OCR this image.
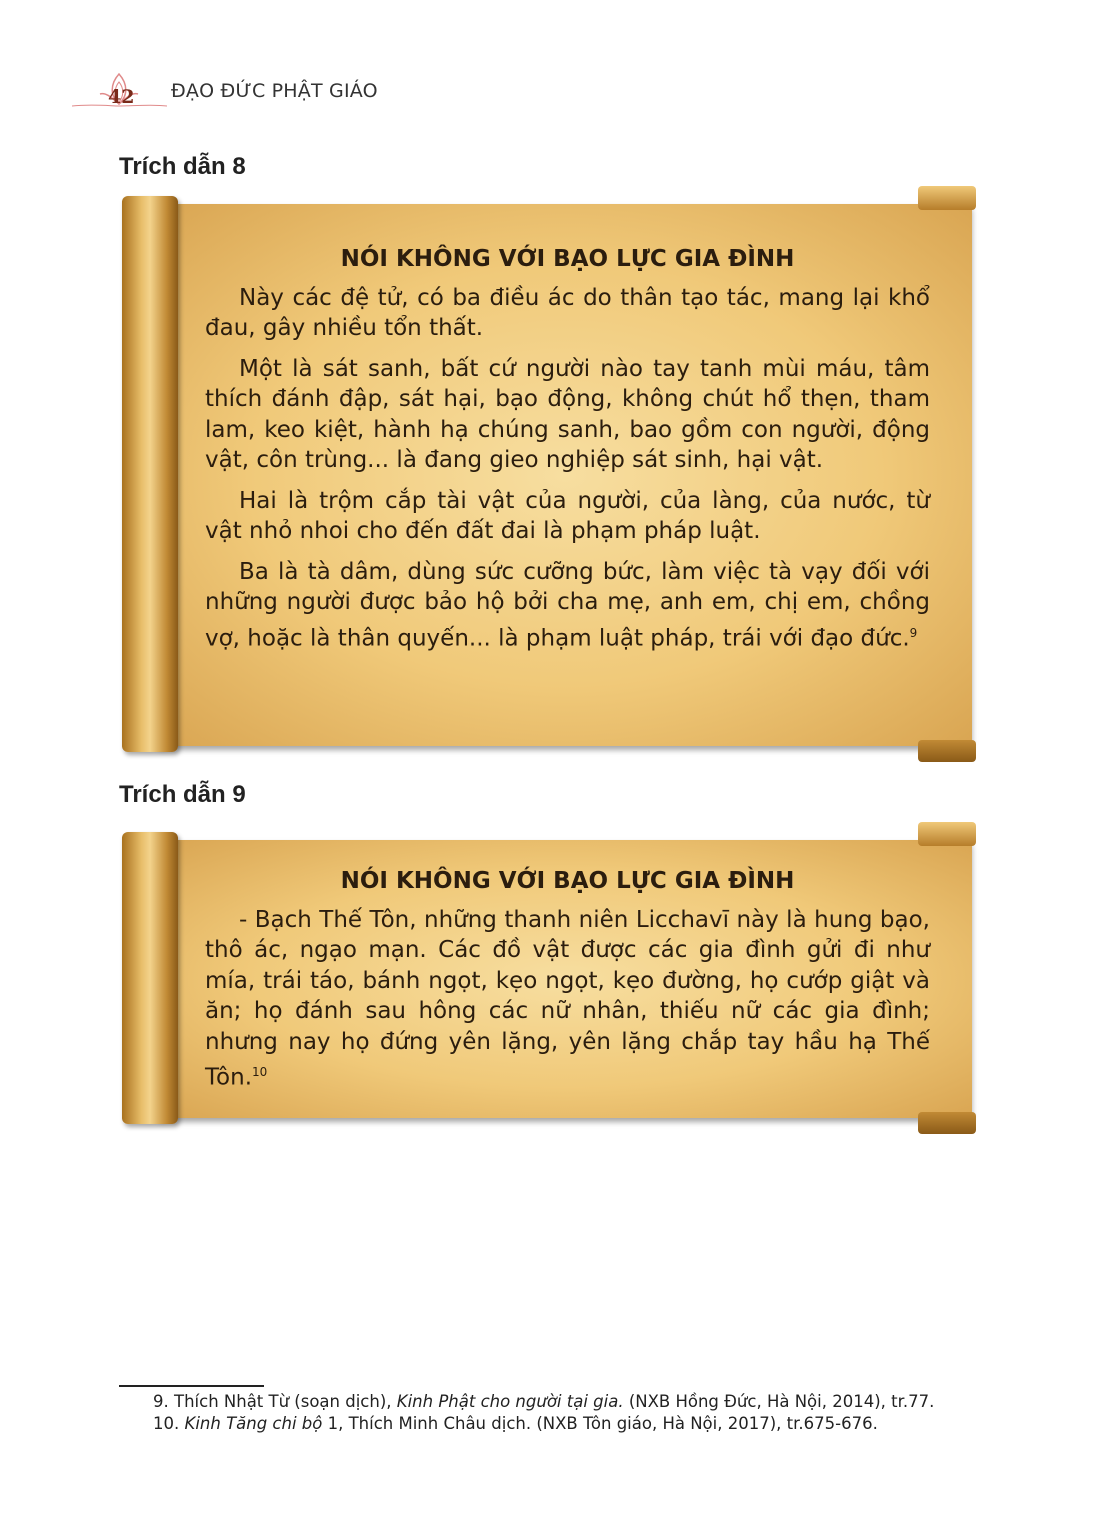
42 ĐẠO ĐỨC PHẬT GIÁO
Trích dẫn 8
NÓI KHÔNG VỚI BẠO LỰC GIA ĐÌNH

Này các đệ tử, có ba điều ác do thân tạo tác, mang lại khổ đau, gây nhiều tổn thất.

Một là sát sanh, bất cứ người nào tay tanh mùi máu, tâm thích đánh đập, sát hại, bạo động, không chút hổ thẹn, tham lam, keo kiệt, hành hạ chúng sanh, bao gồm con người, động vật, côn trùng... là đang gieo nghiệp sát sinh, hại vật.

Hai là trộm cắp tài vật của người, của làng, của nước, từ vật nhỏ nhoi cho đến đất đai là phạm pháp luật.

Ba là tà dâm, dùng sức cưỡng bức, làm việc tà vạy đối với những người được bảo hộ bởi cha mẹ, anh em, chị em, chồng vợ, hoặc là thân quyến... là phạm luật pháp, trái với đạo đức.$^9$

Trích dẫn 9
NÓI KHÔNG VỚI BẠO LỰC GIA ĐÌNH

- Bạch Thế Tôn, những thanh niên Licchavī này là hung bạo, thô ác, ngạo mạn. Các đồ vật được các gia đình gửi đi như mía, trái táo, bánh ngọt, kẹo ngọt, kẹo đường, họ cướp giật và ăn; họ đánh sau hông các nữ nhân, thiếu nữ các gia đình; nhưng nay họ đứng yên lặng, yên lặng chắp tay hầu hạ Thế Tôn.$^{10}$

9. Thích Nhật Từ (soạn dịch), Kinh Phật cho người tại gia. (NXB Hồng Đức, Hà Nội, 2014), tr.77.
10. Kinh Tăng chi bộ 1, Thích Minh Châu dịch. (NXB Tôn giáo, Hà Nội, 2017), tr.675-676.
